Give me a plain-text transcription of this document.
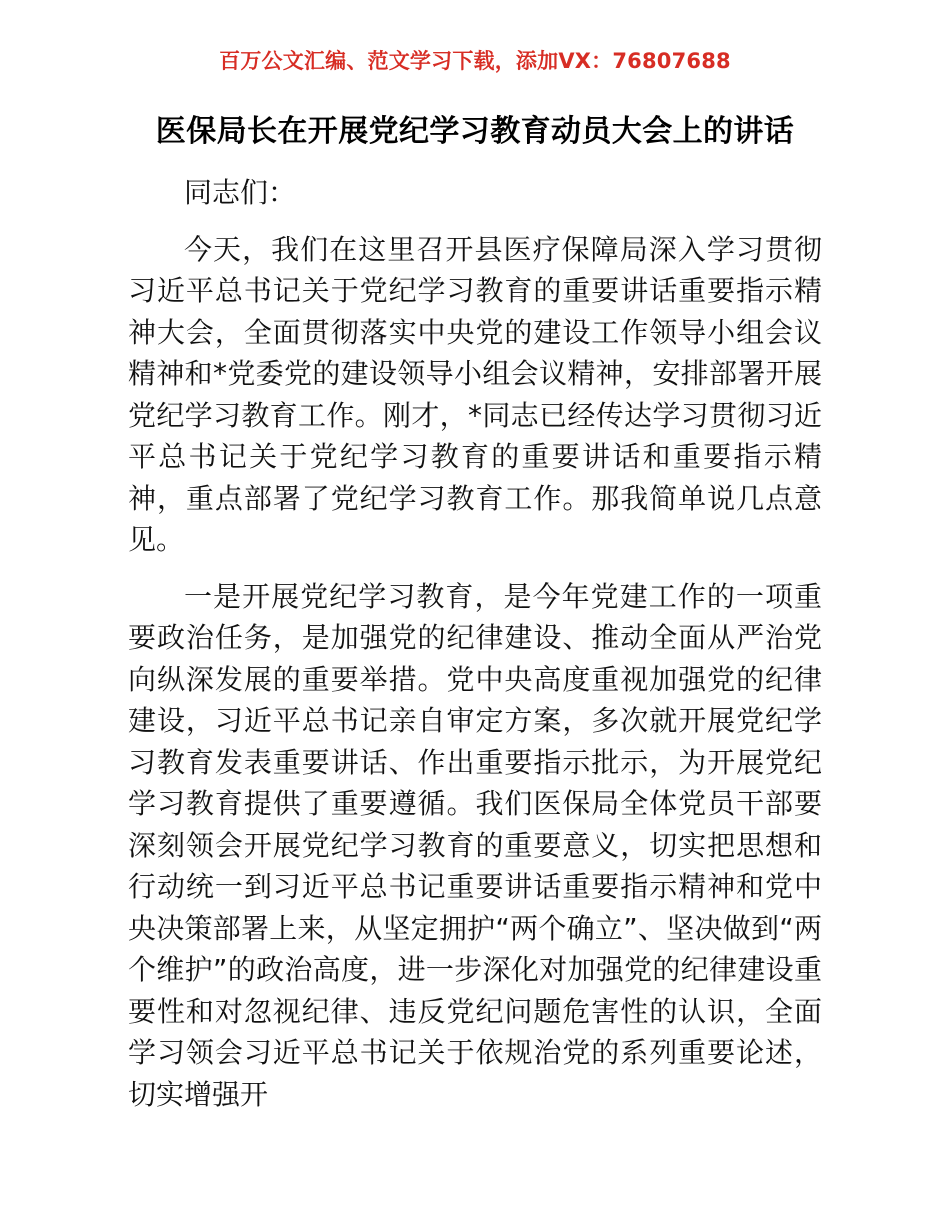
百万公文汇编、范文学习下载，添加VX：76807688
医保局长在开展党纪学习教育动员大会上的讲话

同志们：

今天，我们在这里召开县医疗保障局深入学习贯彻习近平总书记关于党纪学习教育的重要讲话重要指示精神大会，全面贯彻落实中央党的建设工作领导小组会议精神和*党委党的建设领导小组会议精神，安排部署开展党纪学习教育工作。刚才，*同志已经传达学习贯彻习近平总书记关于党纪学习教育的重要讲话和重要指示精神，重点部署了党纪学习教育工作。那我简单说几点意见。

一是开展党纪学习教育，是今年党建工作的一项重要政治任务，是加强党的纪律建设、推动全面从严治党向纵深发展的重要举措。党中央高度重视加强党的纪律建设，习近平总书记亲自审定方案，多次就开展党纪学习教育发表重要讲话、作出重要指示批示，为开展党纪学习教育提供了重要遵循。我们医保局全体党员干部要深刻领会开展党纪学习教育的重要意义，切实把思想和行动统一到习近平总书记重要讲话重要指示精神和党中央决策部署上来，从坚定拥护“两个确立”、坚决做到“两个维护”的政治高度，进一步深化对加强党的纪律建设重要性和对忽视纪律、违反党纪问题危害性的认识，全面学习领会习近平总书记关于依规治党的系列重要论述，切实增强开
